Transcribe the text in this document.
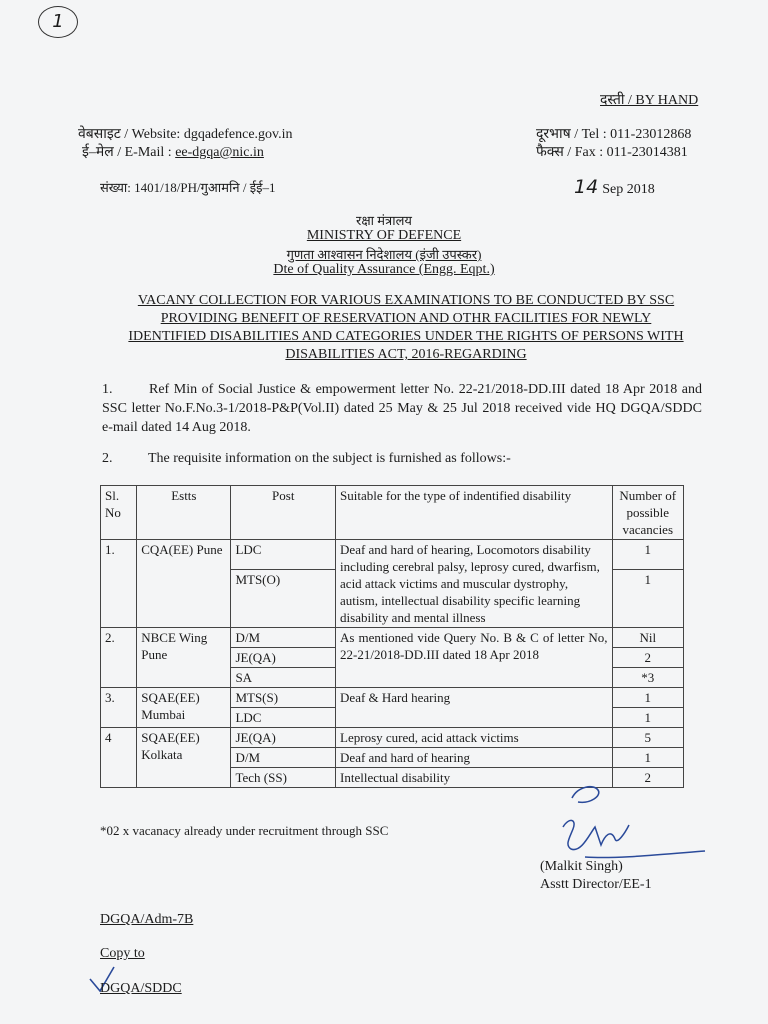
1
दस्ती / BY HAND
वेबसाइट / Website: dgqadefence.gov.in
ई–मेल / E-Mail : ee-dgqa@nic.in
दूरभाष / Tel : 011-23012868
फैक्स / Fax : 011-23014381
संख्या: 1401/18/PH/गुआमनि / ईई–1	14 Sep 2018
रक्षा मंत्रालय
MINISTRY OF DEFENCE
गुणता आश्वासन निदेशालय (इंजी उपस्कर)
Dte of Quality Assurance (Engg. Eqpt.)
VACANY COLLECTION FOR VARIOUS EXAMINATIONS TO BE CONDUCTED BY SSC
PROVIDING BENEFIT OF RESERVATION AND OTHR FACILITIES FOR NEWLY
IDENTIFIED DISABILITIES AND CATEGORIES UNDER THE RIGHTS OF PERSONS WITH
DISABILITIES ACT, 2016-REGARDING
1.        Ref Min of Social Justice & empowerment letter No. 22-21/2018-DD.III dated 18 Apr 2018 and SSC letter No.F.No.3-1/2018-P&P(Vol.II) dated 25 May & 25 Jul 2018 received vide HQ DGQA/SDDC e-mail dated 14 Aug 2018.
2.	The requisite information on the subject is furnished as follows:-
Sl. No	Estts	Post	Suitable for the type of indentified disability	Number of possible vacancies
1.	CQA(EE) Pune	LDC	Deaf and hard of hearing, Locomotors disability including cerebral palsy, leprosy cured, dwarfism, acid attack victims and muscular dystrophy, autism, intellectual disability specific learning disability and mental illness	1
		MTS(O)		1
2.	NBCE Wing Pune	D/M	As mentioned vide Query No. B & C of letter No, 22-21/2018-DD.III dated 18 Apr 2018	Nil
		JE(QA)		2
		SA		*3
3.	SQAE(EE) Mumbai	MTS(S)	Deaf & Hard hearing	1
		LDC		1
4	SQAE(EE) Kolkata	JE(QA)	Leprosy cured, acid attack victims	5
		D/M	Deaf and hard of hearing	1
		Tech (SS)	Intellectual disability	2
*02 x vacanacy already under recruitment through SSC
(Malkit Singh)
Asstt Director/EE-1
DGQA/Adm-7B
Copy to
DGQA/SDDC
